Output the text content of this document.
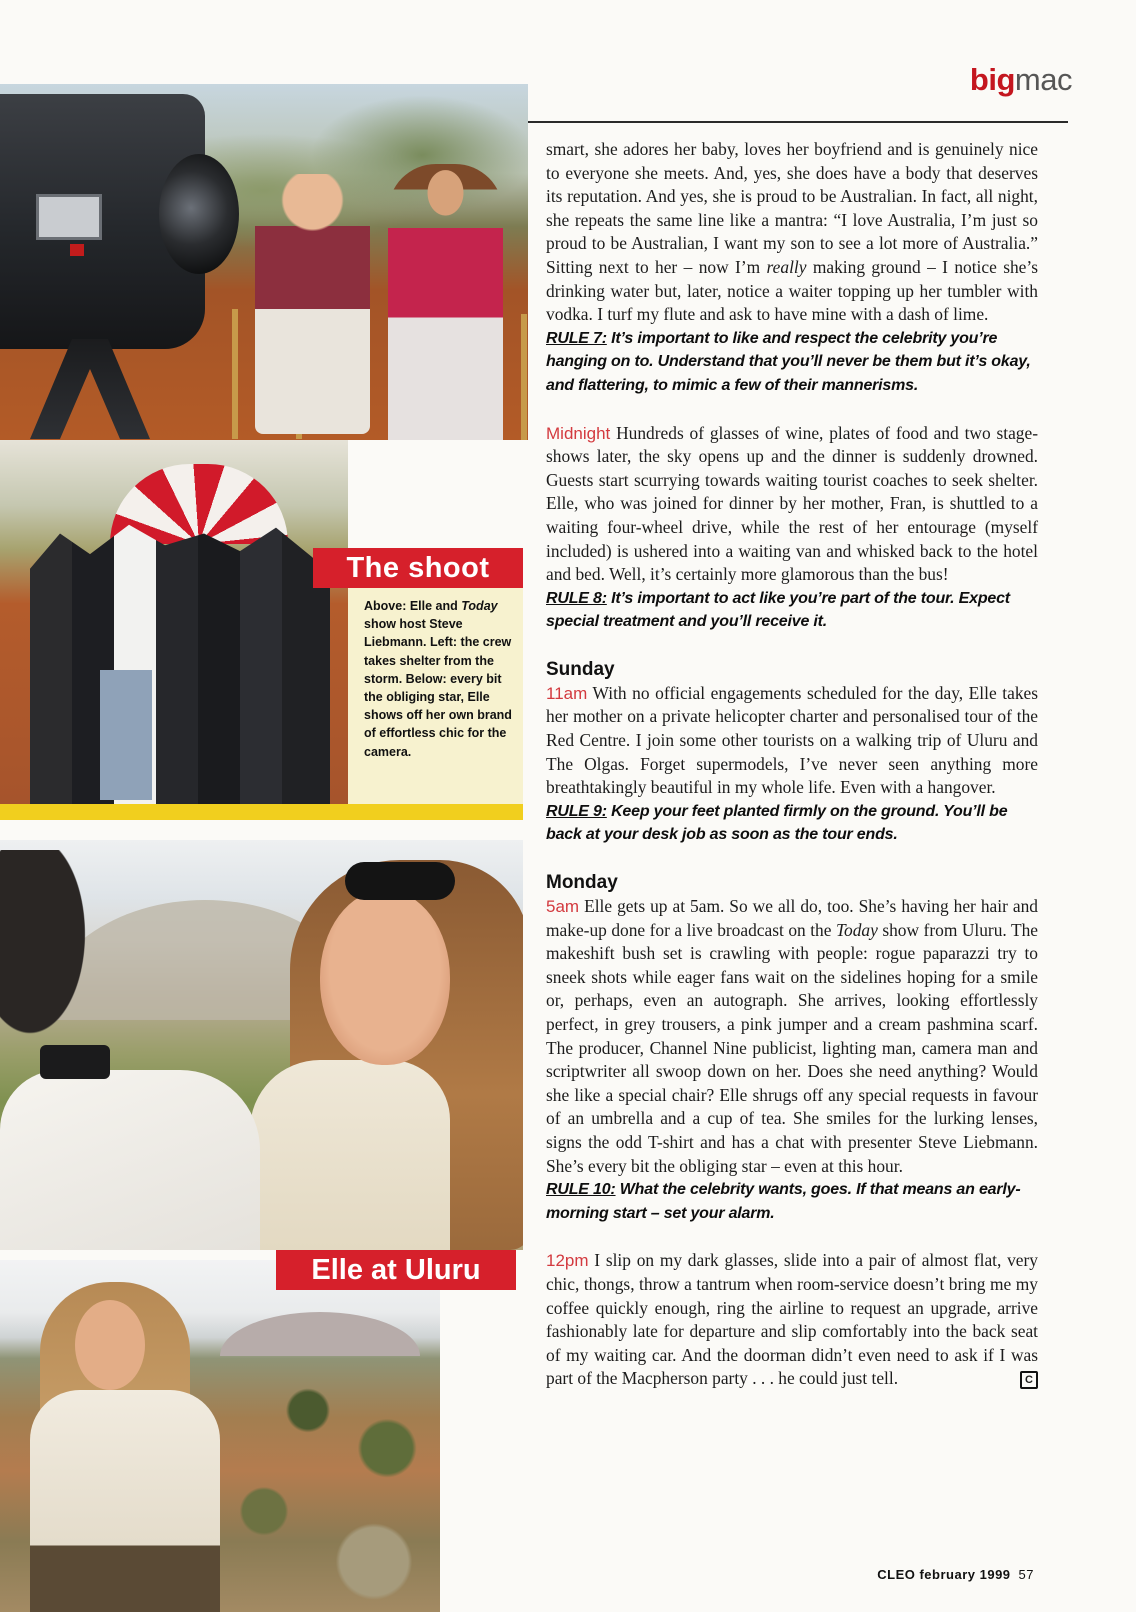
The shoot
Above: Elle and Today show host Steve Liebmann. Left: the crew takes shelter from the storm. Below: every bit the obliging star, Elle shows off her own brand of effortless chic for the camera.
Elle at Uluru
bigmac

smart, she adores her baby, loves her boyfriend and is genuinely nice to everyone she meets. And, yes, she does have a body that deserves its reputation. And yes, she is proud to be Australian. In fact, all night, she repeats the same line like a mantra: “I love Australia, I’m just so proud to be Australian, I want my son to see a lot more of Australia.” Sitting next to her – now I’m really making ground – I notice she’s drinking water but, later, notice a waiter topping up her tumbler with vodka. I turf my flute and ask to have mine with a dash of lime.

RULE 7: It’s important to like and respect the celebrity you’re hanging on to. Understand that you’ll never be them but it’s okay, and flattering, to mimic a few of their mannerisms.

Midnight Hundreds of glasses of wine, plates of food and two stage-shows later, the sky opens up and the dinner is suddenly drowned. Guests start scurrying towards waiting tourist coaches to seek shelter. Elle, who was joined for dinner by her mother, Fran, is shuttled to a waiting four-wheel drive, while the rest of her entourage (myself included) is ushered into a waiting van and whisked back to the hotel and bed. Well, it’s certainly more glamorous than the bus!

RULE 8: It’s important to act like you’re part of the tour. Expect special treatment and you’ll receive it.

Sunday

11am With no official engagements scheduled for the day, Elle takes her mother on a private helicopter charter and personalised tour of the Red Centre. I join some other tourists on a walking trip of Uluru and The Olgas. Forget supermodels, I’ve never seen anything more breathtakingly beautiful in my whole life. Even with a hangover.

RULE 9: Keep your feet planted firmly on the ground. You’ll be back at your desk job as soon as the tour ends.

Monday

5am Elle gets up at 5am. So we all do, too. She’s having her hair and make-up done for a live broadcast on the Today show from Uluru. The makeshift bush set is crawling with people: rogue paparazzi try to sneek shots while eager fans wait on the sidelines hoping for a smile or, perhaps, even an autograph. She arrives, looking effortlessly perfect, in grey trousers, a pink jumper and a cream pashmina scarf. The producer, Channel Nine publicist, lighting man, camera man and scriptwriter all swoop down on her. Does she need anything? Would she like a special chair? Elle shrugs off any special requests in favour of an umbrella and a cup of tea. She smiles for the lurking lenses, signs the odd T-shirt and has a chat with presenter Steve Liebmann. She’s every bit the obliging star – even at this hour.

RULE 10: What the celebrity wants, goes. If that means an early-morning start – set your alarm.

12pm I slip on my dark glasses, slide into a pair of almost flat, very chic, thongs, throw a tantrum when room-service doesn’t bring me my coffee quickly enough, ring the airline to request an upgrade, arrive fashionably late for departure and slip comfortably into the back seat of my waiting car. And the doorman didn’t even need to ask if I was part of the Macpherson party . . . he could just tell.	C

CLEO february 1999 57
